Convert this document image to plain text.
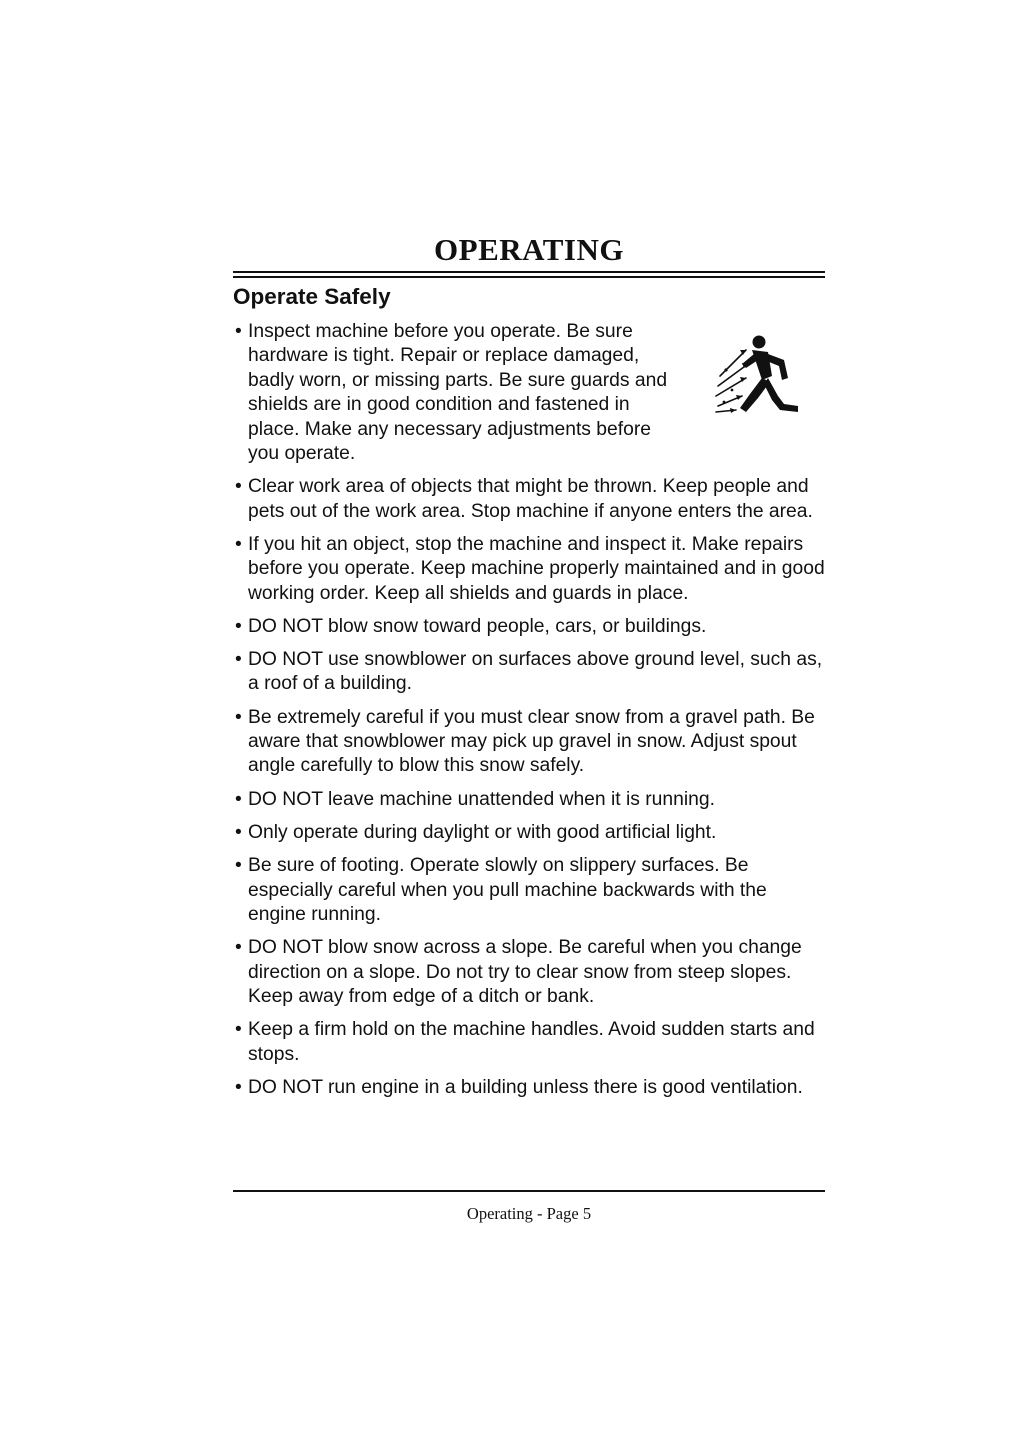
OPERATING
Operate Safely
• Inspect machine before you operate. Be sure hardware is tight. Repair or replace damaged, badly worn, or missing parts. Be sure guards and shields are in good condition and fastened in place. Make any necessary adjustments before you operate.
• Clear work area of objects that might be thrown. Keep people and pets out of the work area. Stop machine if anyone enters the area.
• If you hit an object, stop the machine and inspect it. Make repairs before you operate. Keep machine properly maintained and in good working order. Keep all shields and guards in place.
• DO NOT blow snow toward people, cars, or buildings.
• DO NOT use snowblower on surfaces above ground level, such as, a roof of a building.
• Be extremely careful if you must clear snow from a gravel path. Be aware that snowblower may pick up gravel in snow. Adjust spout angle carefully to blow this snow safely.
• DO NOT leave machine unattended when it is running.
• Only operate during daylight or with good artificial light.
• Be sure of footing. Operate slowly on slippery surfaces. Be especially careful when you pull machine backwards with the engine running.
• DO NOT blow snow across a slope. Be careful when you change direction on a slope. Do not try to clear snow from steep slopes. Keep away from edge of a ditch or bank.
• Keep a firm hold on the machine handles. Avoid sudden starts and stops.
• DO NOT run engine in a building unless there is good ventilation.
Operating - Page 5
